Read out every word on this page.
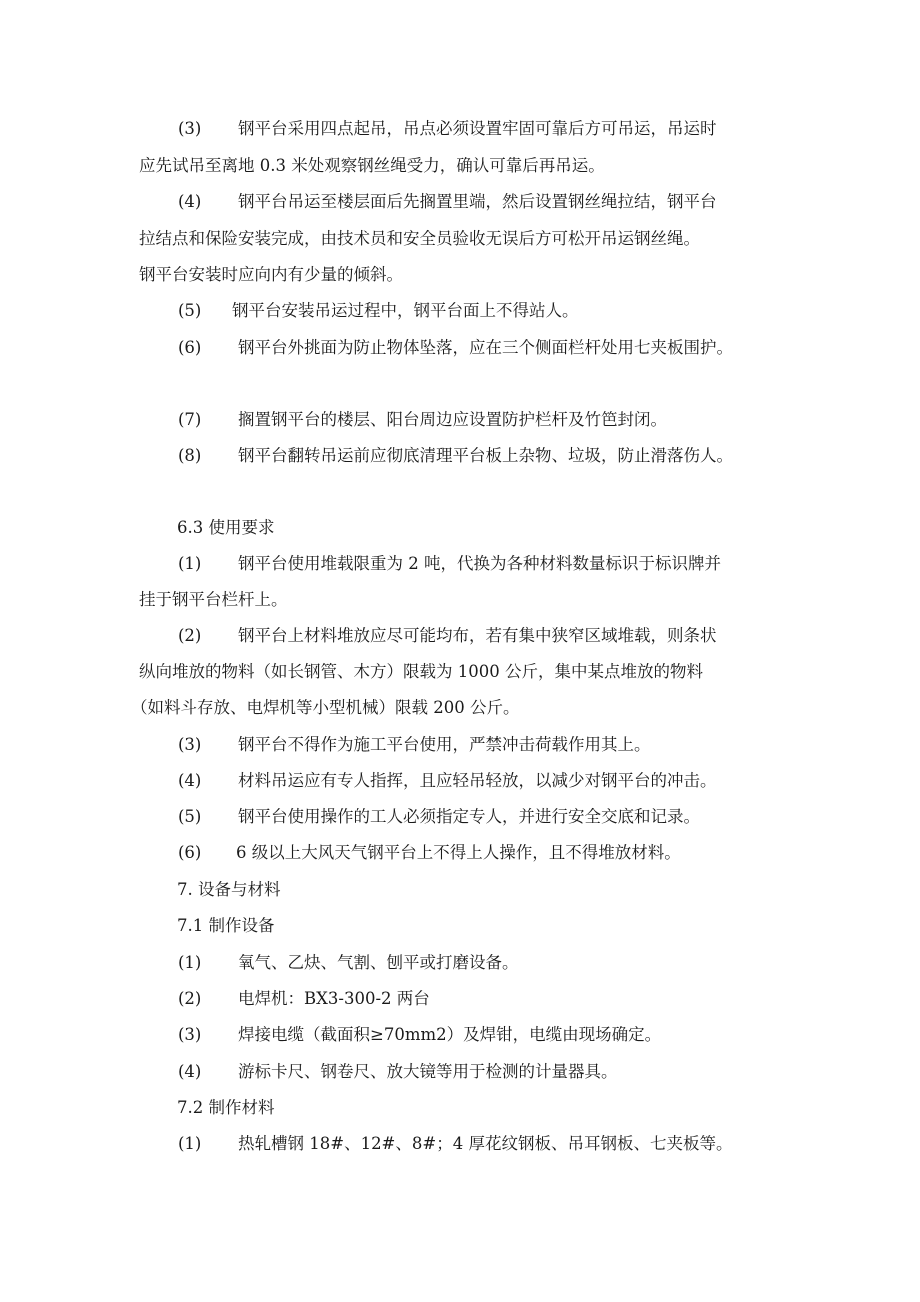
(3)	钢平台采用四点起吊，吊点必须设置牢固可靠后方可吊运，吊运时
应先试吊至离地 0.3 米处观察钢丝绳受力，确认可靠后再吊运。
(4)	钢平台吊运至楼层面后先搁置里端，然后设置钢丝绳拉结，钢平台
拉结点和保险安装完成，由技术员和安全员验收无误后方可松开吊运钢丝绳。
钢平台安装时应向内有少量的倾斜。
(5)	钢平台安装吊运过程中，钢平台面上不得站人。
(6)	钢平台外挑面为防止物体坠落，应在三个侧面栏杆处用七夹板围护。
(7)	搁置钢平台的楼层、阳台周边应设置防护栏杆及竹笆封闭。
(8)	钢平台翻转吊运前应彻底清理平台板上杂物、垃圾，防止滑落伤人。
6.3 使用要求
(1)	钢平台使用堆载限重为 2 吨，代换为各种材料数量标识于标识牌并
挂于钢平台栏杆上。
(2)	钢平台上材料堆放应尽可能均布，若有集中狭窄区域堆载，则条状
纵向堆放的物料（如长钢管、木方）限载为 1000 公斤，集中某点堆放的物料
（如料斗存放、电焊机等小型机械）限载 200 公斤。
(3)	钢平台不得作为施工平台使用，严禁冲击荷载作用其上。
(4)	材料吊运应有专人指挥，且应轻吊轻放，以减少对钢平台的冲击。
(5)	钢平台使用操作的工人必须指定专人，并进行安全交底和记录。
(6)	6 级以上大风天气钢平台上不得上人操作，且不得堆放材料。
7. 设备与材料
7.1 制作设备
(1)	氧气、乙炔、气割、刨平或打磨设备。
(2)	电焊机：BX3-300-2 两台
(3)	焊接电缆（截面积≥70mm2）及焊钳，电缆由现场确定。
(4)	游标卡尺、钢卷尺、放大镜等用于检测的计量器具。
7.2 制作材料
(1)	热轧槽钢 18#、12#、8#；4 厚花纹钢板、吊耳钢板、七夹板等。
